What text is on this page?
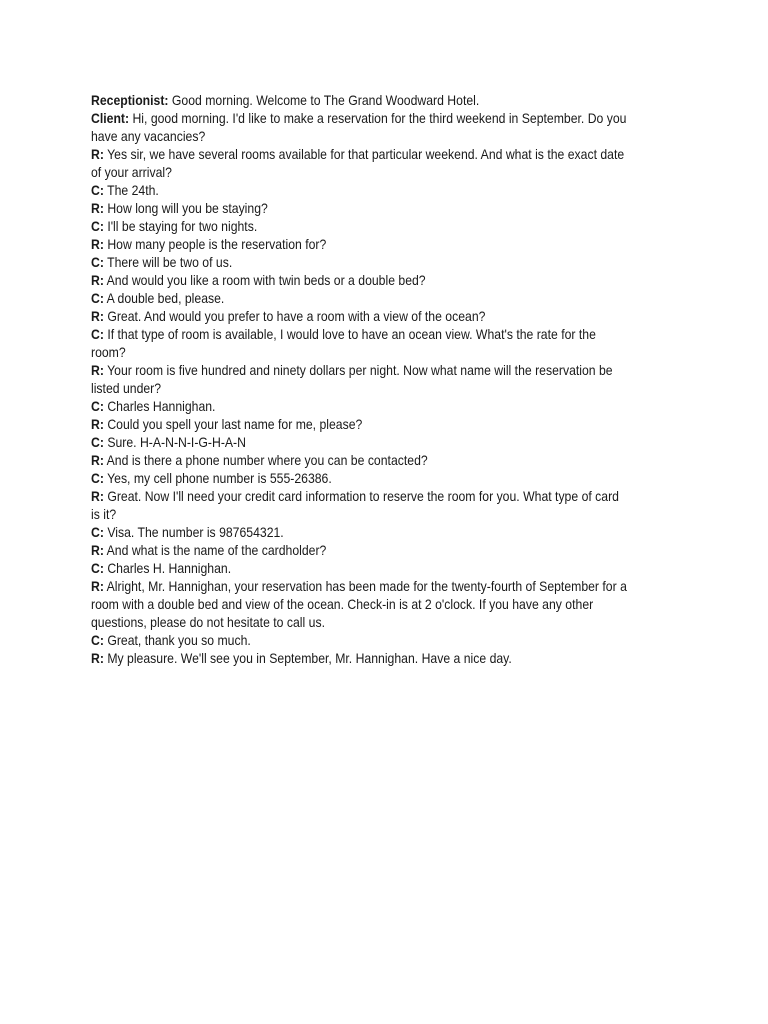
Receptionist: Good morning. Welcome to The Grand Woodward Hotel.

Client: Hi, good morning. I'd like to make a reservation for the third weekend in September. Do you have any vacancies?

R: Yes sir, we have several rooms available for that particular weekend. And what is the exact date of your arrival?

C: The 24th.

R: How long will you be staying?

C: I'll be staying for two nights.

R: How many people is the reservation for?

C: There will be two of us.

R: And would you like a room with twin beds or a double bed?

C: A double bed, please.

R: Great. And would you prefer to have a room with a view of the ocean?

C: If that type of room is available, I would love to have an ocean view. What's the rate for the room?

R: Your room is five hundred and ninety dollars per night. Now what name will the reservation be listed under?

C: Charles Hannighan.

R: Could you spell your last name for me, please?

C: Sure. H-A-N-N-I-G-H-A-N

R: And is there a phone number where you can be contacted?

C: Yes, my cell phone number is 555-26386.

R: Great. Now I'll need your credit card information to reserve the room for you. What type of card is it?

C: Visa. The number is 987654321.

R: And what is the name of the cardholder?

C: Charles H. Hannighan.

R: Alright, Mr. Hannighan, your reservation has been made for the twenty-fourth of September for a room with a double bed and view of the ocean. Check-in is at 2 o'clock. If you have any other questions, please do not hesitate to call us.

C: Great, thank you so much.

R: My pleasure. We'll see you in September, Mr. Hannighan. Have a nice day.
